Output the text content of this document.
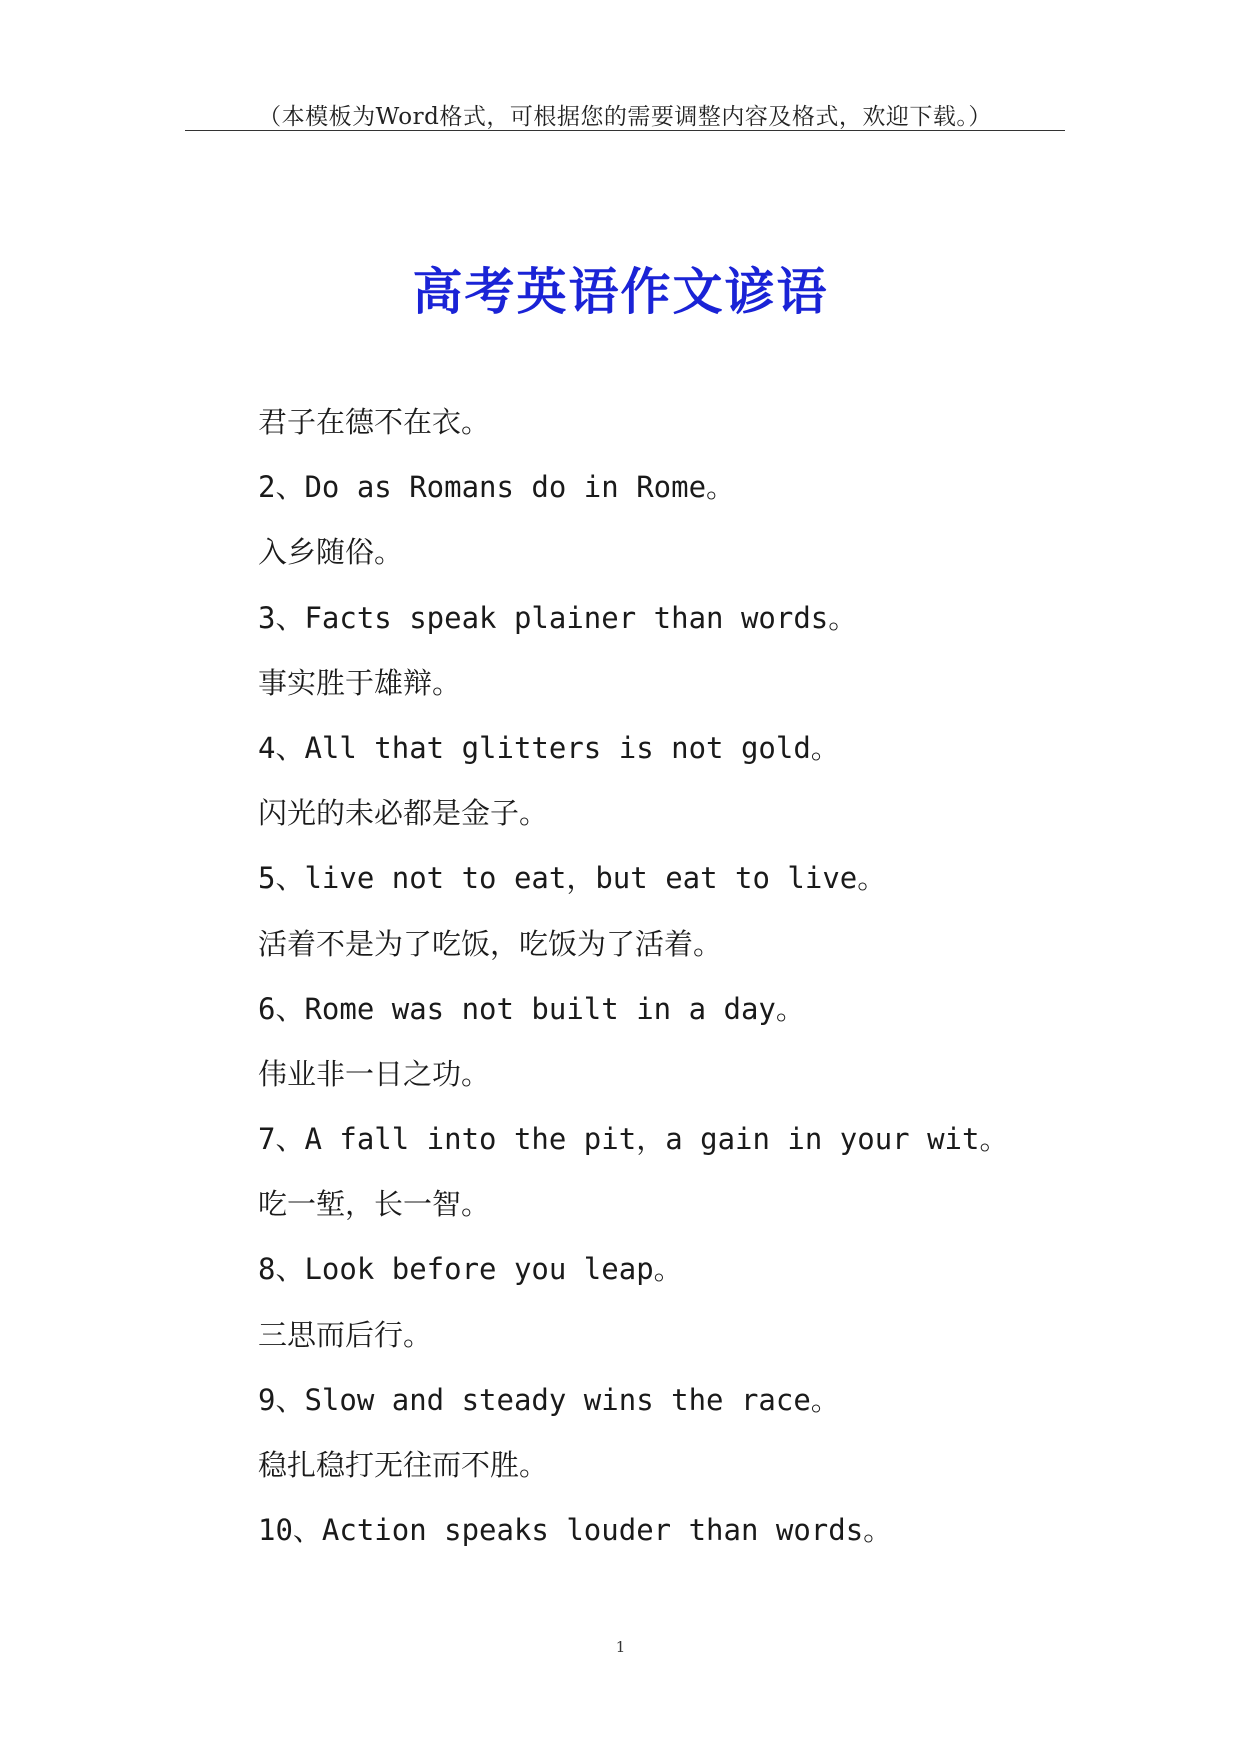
（本模板为Word格式，可根据您的需要调整内容及格式，欢迎下载。）
高考英语作文谚语
君子在德不在衣。
2、Do as Romans do in Rome。
入乡随俗。
3、Facts speak plainer than words。
事实胜于雄辩。
4、All that glitters is not gold。
闪光的未必都是金子。
5、live not to eat，but eat to live。
活着不是为了吃饭，吃饭为了活着。
6、Rome was not built in a day。
伟业非一日之功。
7、A fall into the pit，a gain in your wit。
吃一堑，长一智。
8、Look before you leap。
三思而后行。
9、Slow and steady wins the race。
稳扎稳打无往而不胜。
10、Action speaks louder than words。
1
